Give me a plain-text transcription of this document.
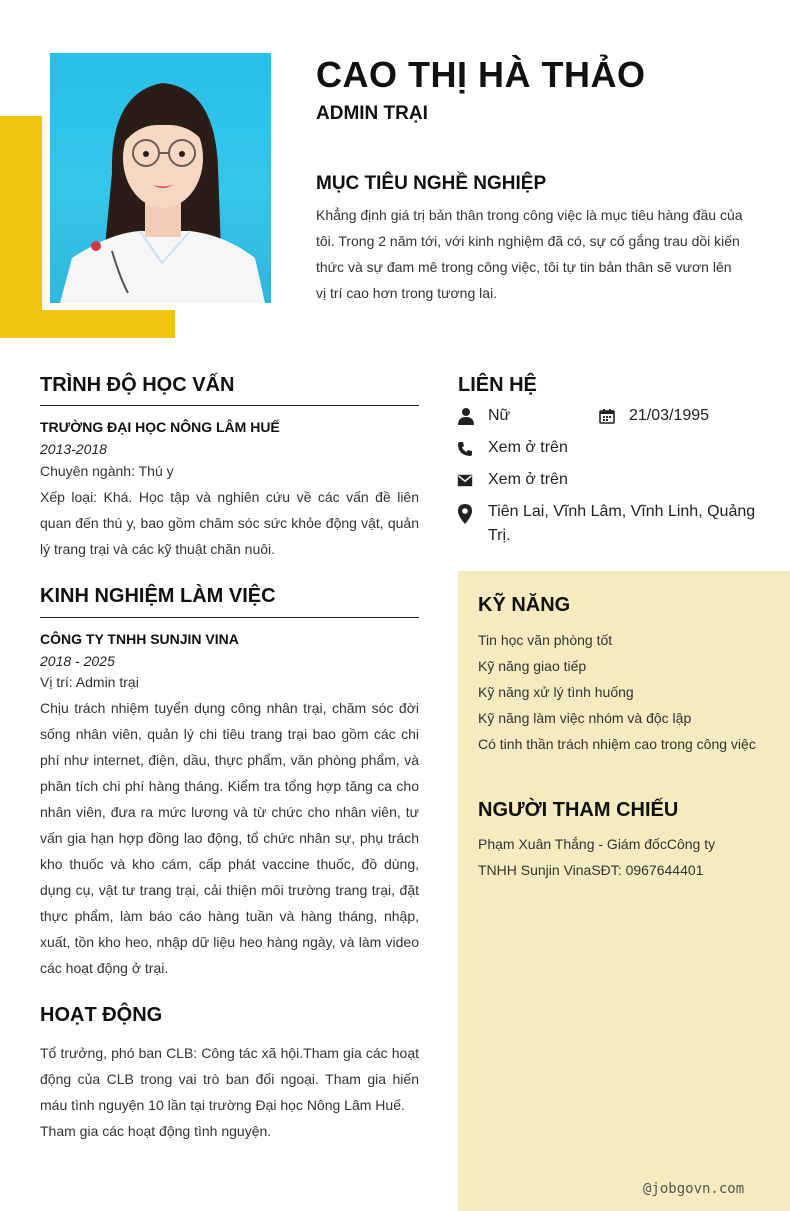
CAO THỊ HÀ THẢO
ADMIN TRẠI
MỤC TIÊU NGHỀ NGHIỆP
Khẳng định giá trị bản thân trong công việc là mục tiêu hàng đầu của tôi. Trong 2 năm tới, với kinh nghiệm đã có, sự cố gắng trau dồi kiến thức và sự đam mê trong công việc, tôi tự tin bản thân sẽ vươn lên vị trí cao hơn trong tương lai.
TRÌNH ĐỘ HỌC VẤN
TRƯỜNG ĐẠI HỌC NÔNG LÂM HUẾ
2013-2018
Chuyên ngành: Thú y
Xếp loại: Khá. Học tập và nghiên cứu về các vấn đề liên quan đến thú y, bao gồm chăm sóc sức khỏe động vật, quản lý trang trại và các kỹ thuật chăn nuôi.
KINH NGHIỆM LÀM VIỆC
CÔNG TY TNHH SUNJIN VINA
2018 - 2025
Vị trí: Admin trại
Chịu trách nhiệm tuyển dụng công nhân trại, chăm sóc đời sống nhân viên, quản lý chi tiêu trang trại bao gồm các chi phí như internet, điện, dầu, thực phẩm, văn phòng phẩm, và phân tích chi phí hàng tháng. Kiểm tra tổng hợp tăng ca cho nhân viên, đưa ra mức lương và từ chức cho nhân viên, tư vấn gia hạn hợp đồng lao động, tổ chức nhân sự, phụ trách kho thuốc và kho cám, cấp phát vaccine thuốc, đồ dùng, dụng cụ, vật tư trang trại, cải thiện môi trường trang trại, đặt thực phẩm, làm báo cáo hàng tuần và hàng tháng, nhập, xuất, tồn kho heo, nhập dữ liệu heo hàng ngày, và làm video các hoạt động ở trại.
HOẠT ĐỘNG
Tổ trưởng, phó ban CLB: Công tác xã hội.Tham gia các hoạt động của CLB trong vai trò ban đối ngoại. Tham gia hiến máu tình nguyện 10 lần tại trường Đại học Nông Lâm Huế.
Tham gia các hoạt động tình nguyện.
LIÊN HỆ
Nữ	21/03/1995
Xem ở trên
Xem ở trên
Tiên Lai, Vĩnh Lâm, Vĩnh Linh, Quảng Trị.
KỸ NĂNG
Tin học văn phòng tốt
Kỹ năng giao tiếp
Kỹ năng xử lý tình huống
Kỹ năng làm việc nhóm và độc lập
Có tinh thần trách nhiệm cao trong công việc
NGƯỜI THAM CHIẾU
Phạm Xuân Thắng - Giám đốcCông ty TNHH Sunjin VinaSĐT: 0967644401
@jobgovn.com
